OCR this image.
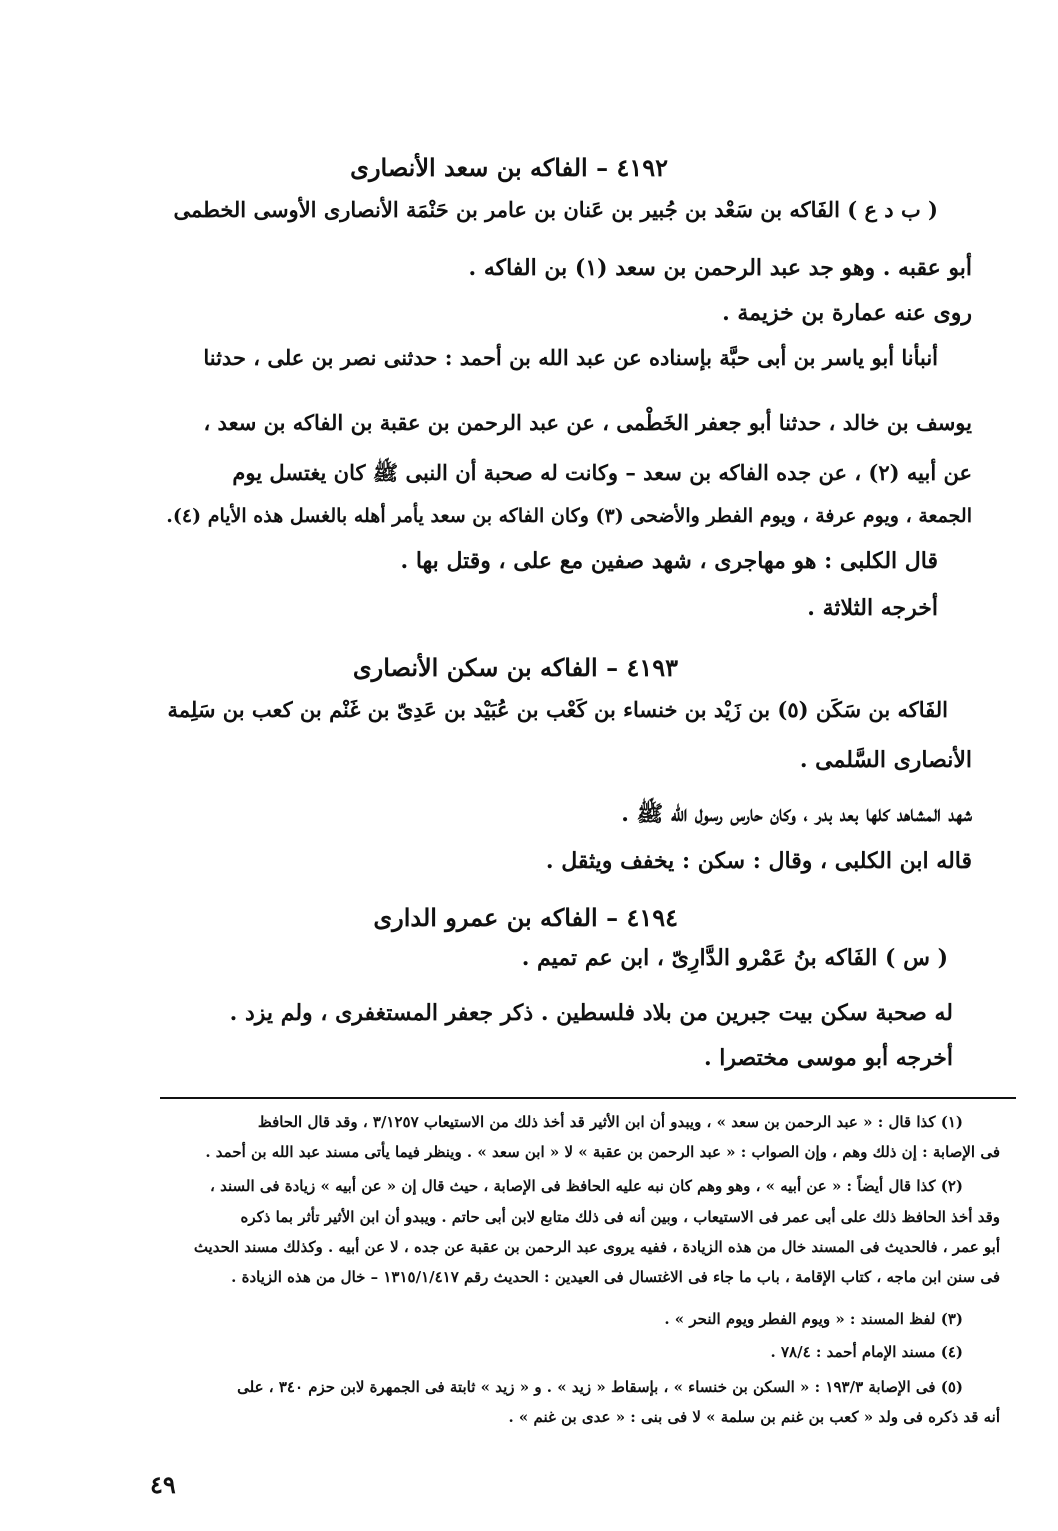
٤١٩٢ – الفاكه بن سعد الأنصارى
( ب د ع ) الفَاكه بن سَعْد بن جُبير بن عَنان بن عامر بن حَنْمَة الأنصارى الأوسى الخطمى
أبو عقبه . وهو جد عبد الرحمن بن سعد (١) بن الفاكه .
روى عنه عمارة بن خزيمة .
أنبأنا أبو ياسر بن أبى حبَّة بإسناده عن عبد الله بن أحمد : حدثنى نصر بن على ، حدثنا
يوسف بن خالد ، حدثنا أبو جعفر الخَطْمى ، عن عبد الرحمن بن عقبة بن الفاكه بن سعد ،
عن أبيه (٢) ، عن جده الفاكه بن سعد – وكانت له صحبة أن النبى ﷺ كان يغتسل يوم
الجمعة ، ويوم عرفة ، ويوم الفطر والأضحى (٣) وكان الفاكه بن سعد يأمر أهله بالغسل هذه الأيام (٤).
قال الكلبى : هو مهاجرى ، شهد صفين مع على ، وقتل بها .
أخرجه الثلاثة .
٤١٩٣ – الفاكه بن سكن الأنصارى
الفَاكه بن سَكَن (٥) بن زَيْد بن خنساء بن كَعْب بن عُبَيْد بن عَدِىّ بن غَنْم بن كعب بن سَلِمة
الأنصارى السَّلمى .
شهد المشاهد كلها بعد بدر ، وكان حارس رسول الله ﷺ .
قاله ابن الكلبى ، وقال : سكن : يخفف ويثقل .
٤١٩٤ – الفاكه بن عمرو الدارى
( س ) الفَاكه بنُ عَمْرو الدَّارِىّ ، ابن عم تميم .
له صحبة سكن بيت جبرين من بلاد فلسطين . ذكر جعفر المستغفرى ، ولم يزد .
أخرجه أبو موسى مختصرا .
(١) كذا قال : « عبد الرحمن بن سعد » ، ويبدو أن ابن الأثير قد أخذ ذلك من الاستيعاب ٣/١٢٥٧ ، وقد قال الحافظ
فى الإصابة : إن ذلك وهم ، وإن الصواب : « عبد الرحمن بن عقبة » لا « ابن سعد » . وينظر فيما يأتى مسند عبد الله بن أحمد .
(٢) كذا قال أيضاً : « عن أبيه » ، وهو وهم كان نبه عليه الحافظ فى الإصابة ، حيث قال إن « عن أبيه » زيادة فى السند ،
وقد أخذ الحافظ ذلك على أبى عمر فى الاستيعاب ، وبين أنه فى ذلك متابع لابن أبى حاتم . ويبدو أن ابن الأثير تأثر بما ذكره
أبو عمر ، فالحديث فى المسند خال من هذه الزيادة ، ففيه يروى عبد الرحمن بن عقبة عن جده ، لا عن أبيه . وكذلك مسند الحديث
فى سنن ابن ماجه ، كتاب الإقامة ، باب ما جاء فى الاغتسال فى العيدين : الحديث رقم ١٣١٥/١/٤١٧ – خال من هذه الزيادة .
(٣) لفظ المسند : « ويوم الفطر ويوم النحر » .
(٤) مسند الإمام أحمد : ٧٨/٤ .
(٥) فى الإصابة ١٩٣/٣ : « السكن بن خنساء » ، بإسقاط « زيد » . و « زيد » ثابتة فى الجمهرة لابن حزم ٣٤٠ ، على
أنه قد ذكره فى ولد « كعب بن غنم بن سلمة » لا فى بنى : « عدى بن غنم » .
٤٩
